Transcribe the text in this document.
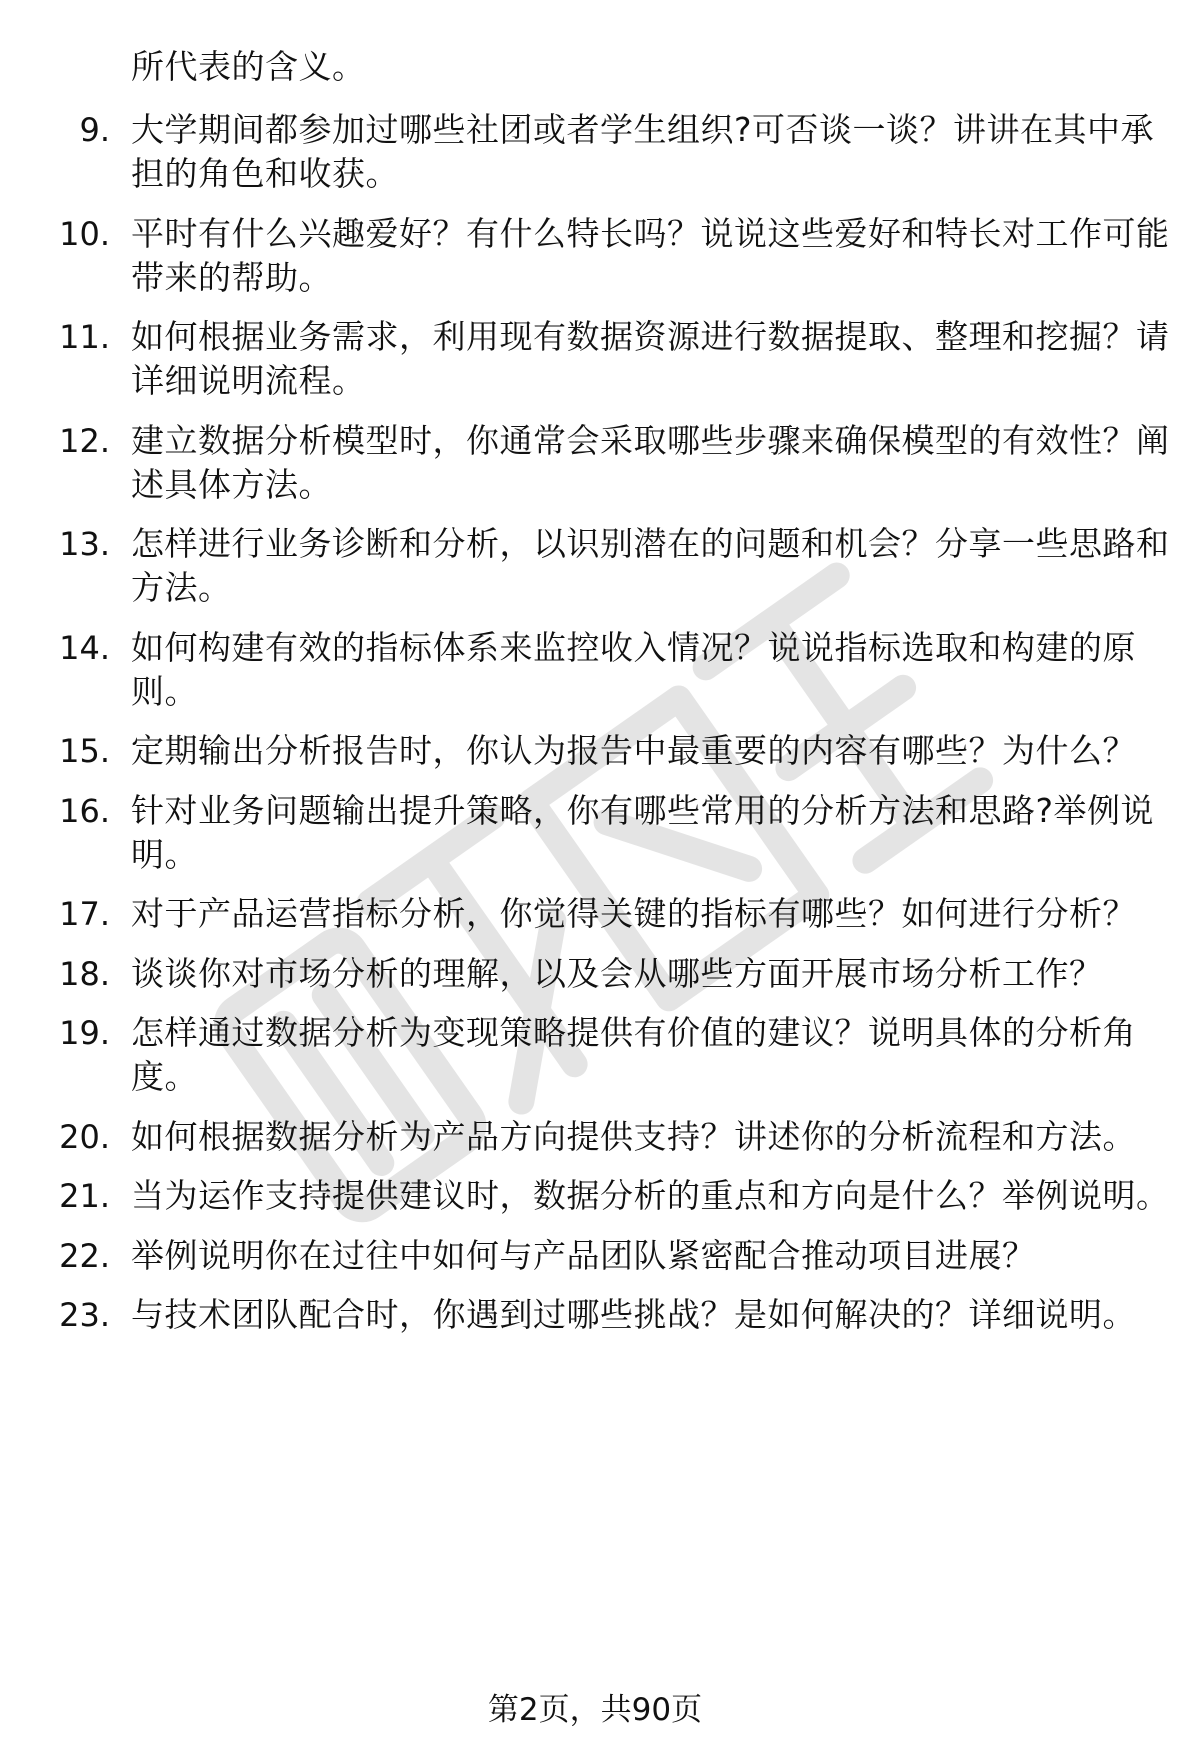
所代表的含义。
9. 大学期间都参加过哪些社团或者学生组织?可否谈一谈？讲讲在其中承担的角色和收获。
10. 平时有什么兴趣爱好？有什么特长吗？说说这些爱好和特长对工作可能带来的帮助。
11. 如何根据业务需求，利用现有数据资源进行数据提取、整理和挖掘？请详细说明流程。
12. 建立数据分析模型时，你通常会采取哪些步骤来确保模型的有效性？阐述具体方法。
13. 怎样进行业务诊断和分析，以识别潜在的问题和机会？分享一些思路和方法。
14. 如何构建有效的指标体系来监控收入情况？说说指标选取和构建的原则。
15. 定期输出分析报告时，你认为报告中最重要的内容有哪些？为什么？
16. 针对业务问题输出提升策略，你有哪些常用的分析方法和思路?举例说明。
17. 对于产品运营指标分析，你觉得关键的指标有哪些？如何进行分析？
18. 谈谈你对市场分析的理解，以及会从哪些方面开展市场分析工作？
19. 怎样通过数据分析为变现策略提供有价值的建议？说明具体的分析角度。
20. 如何根据数据分析为产品方向提供支持？讲述你的分析流程和方法。
21. 当为运作支持提供建议时，数据分析的重点和方向是什么？举例说明。
22. 举例说明你在过往中如何与产品团队紧密配合推动项目进展？
23. 与技术团队配合时，你遇到过哪些挑战？是如何解决的？详细说明。
第2页，共90页
